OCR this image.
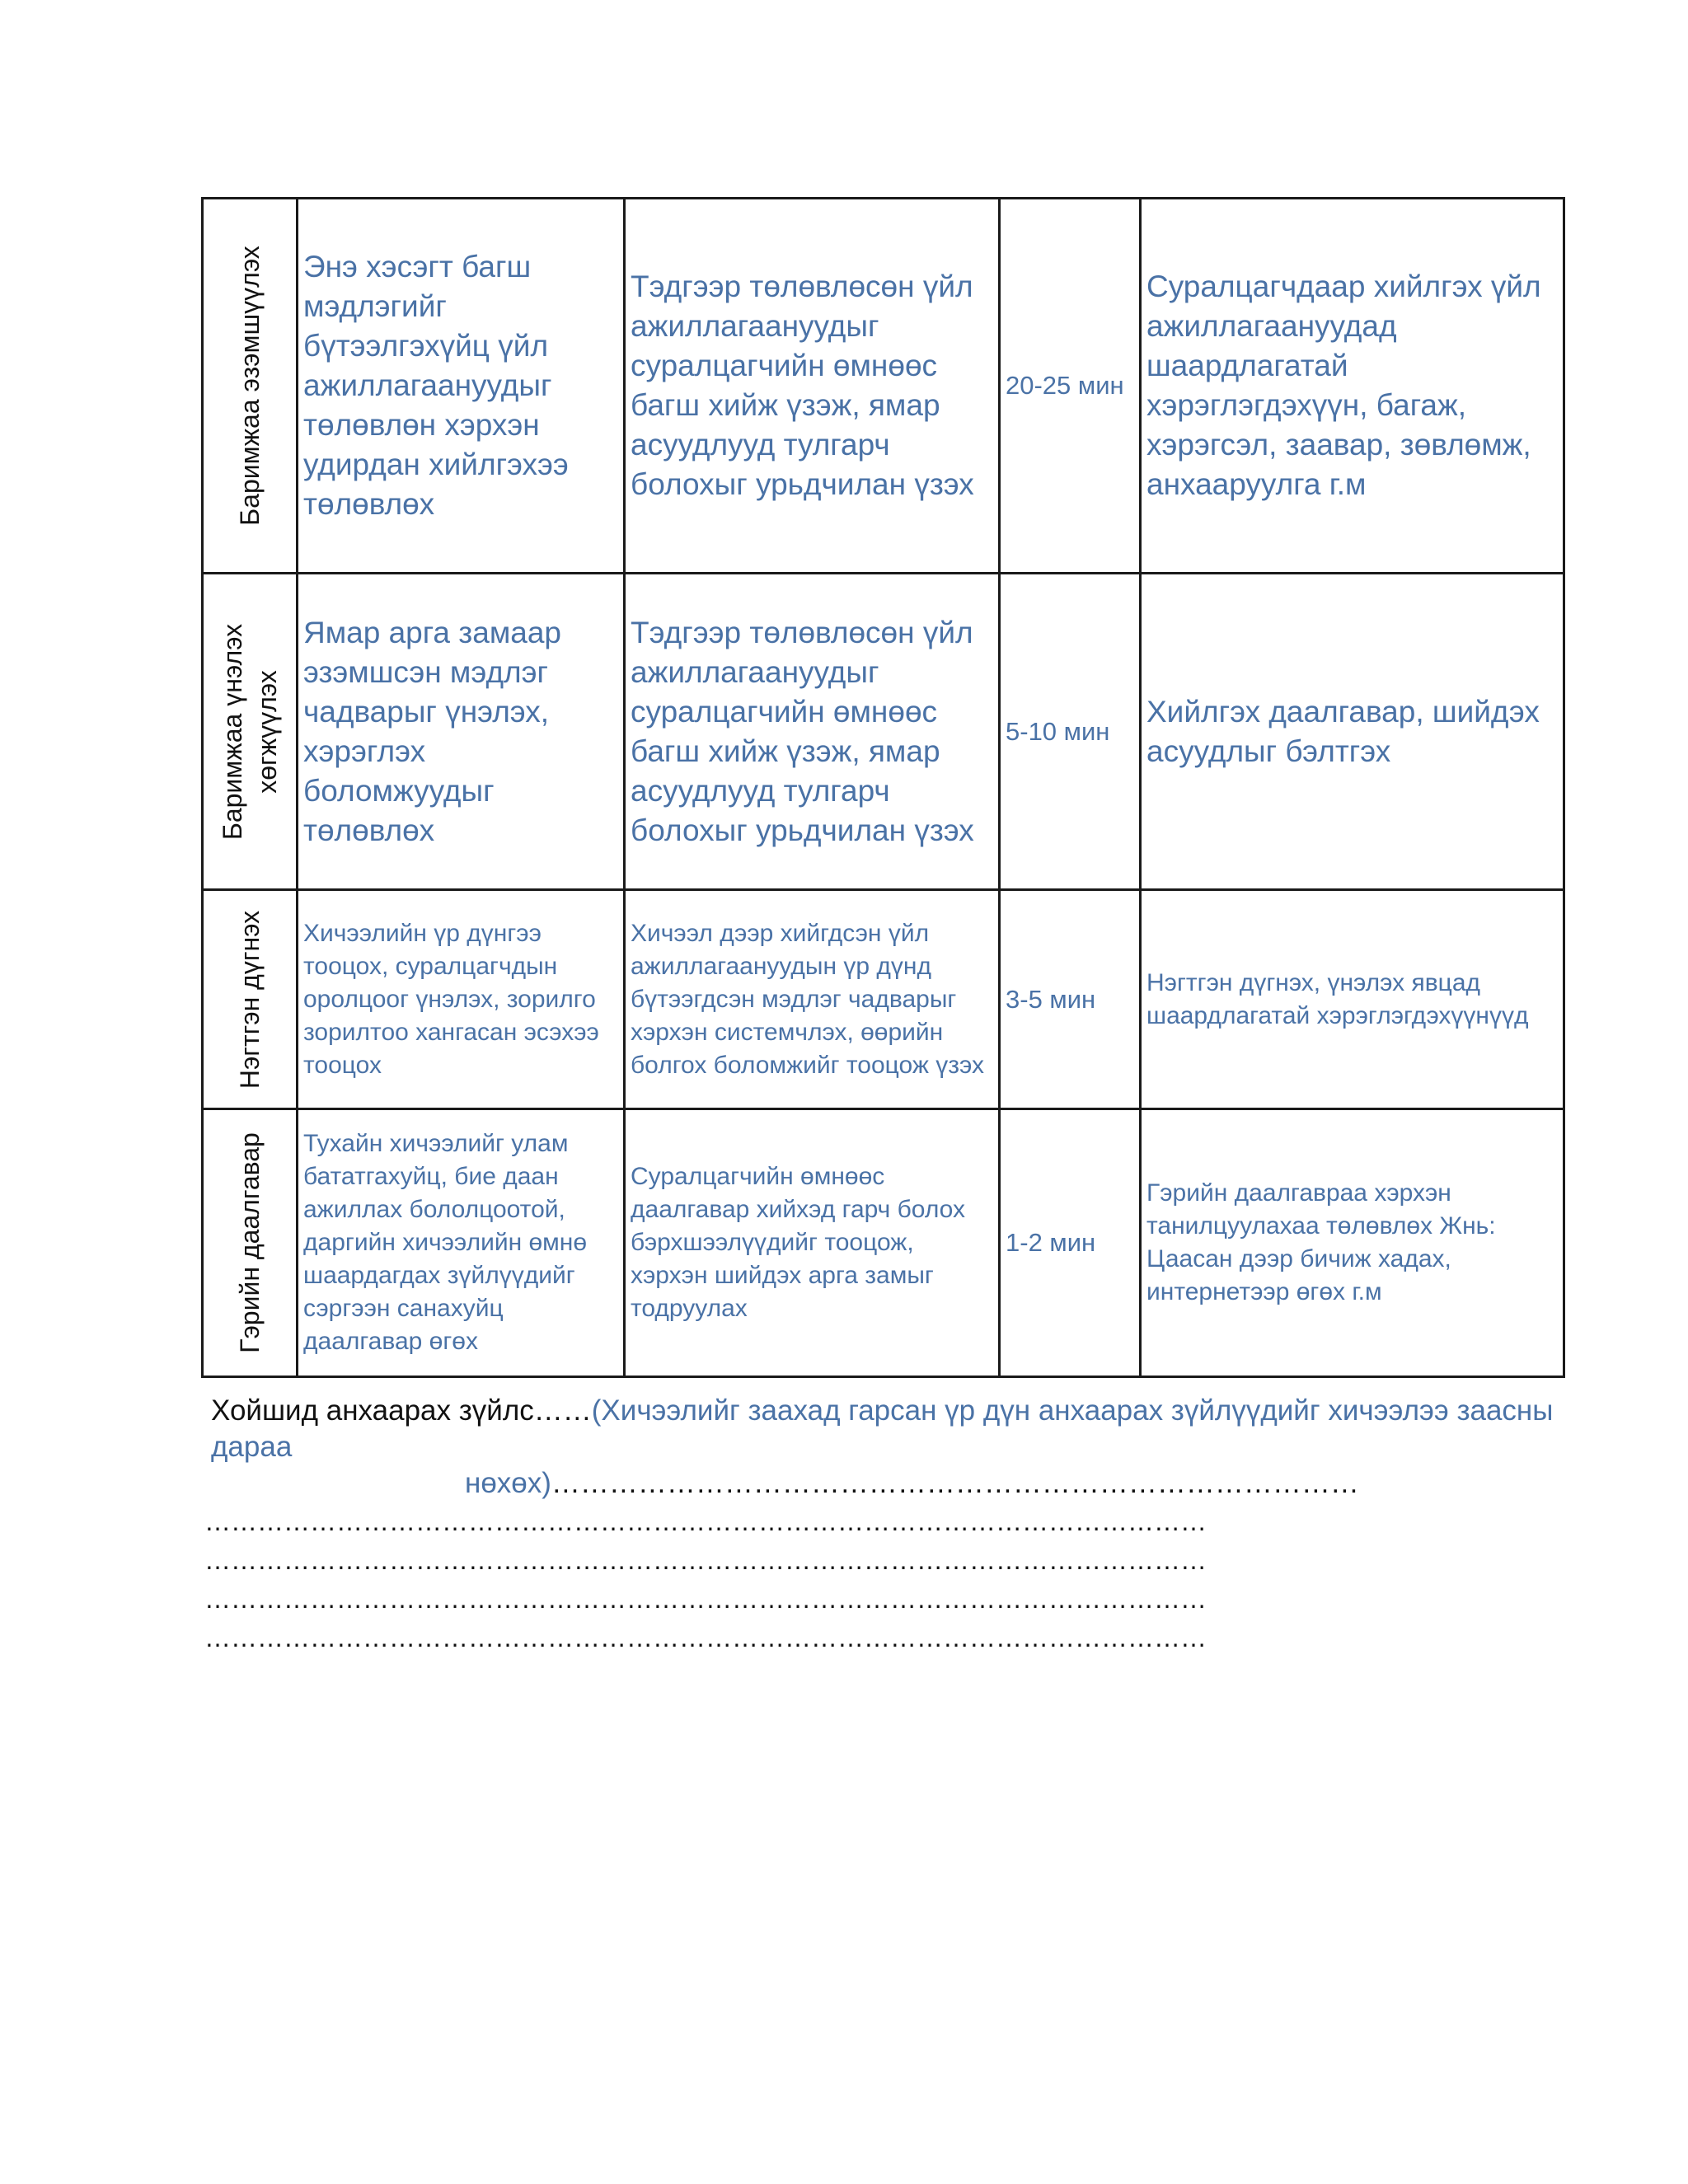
Баримжаа эзэмшүүлэх	Энэ хэсэгт багш мэдлэгийг бүтээлгэхүйц үйл ажиллагаануудыг төлөвлөн хэрхэн удирдан хийлгэхээ төлөвлөх	Тэдгээр төлөвлөсөн үйл ажиллагаануудыг суралцагчийн өмнөөс багш хийж үзэж, ямар асуудлууд тулгарч болохыг урьдчилан үзэх	20-25 мин	Суралцагчдаар хийлгэх үйл ажиллагаануудад шаардлагатай хэрэглэгдэхүүн, багаж, хэрэгсэл, заавар, зөвлөмж, анхааруулга г.м

Баримжаа үнэлэх хөгжүүлэх	Ямар арга замаар эзэмшсэн мэдлэг чадварыг үнэлэх, хэрэглэх боломжуудыг төлөвлөх	Тэдгээр төлөвлөсөн үйл ажиллагаануудыг суралцагчийн өмнөөс багш хийж үзэж, ямар асуудлууд тулгарч болохыг урьдчилан үзэх	5-10 мин	Хийлгэх даалгавар, шийдэх асуудлыг бэлтгэх

Нэгтгэн дүгнэх	Хичээлийн үр дүнгээ тооцох, суралцагчдын оролцоог үнэлэх, зорилго зорилтоо хангасан эсэхээ тооцох	Хичээл дээр хийгдсэн үйл ажиллагаануудын үр дүнд бүтээгдсэн мэдлэг чадварыг хэрхэн системчлэх, өөрийн болгох боломжийг тооцож үзэх	3-5 мин	Нэгтгэн дүгнэх, үнэлэх явцад шаардлагатай хэрэглэгдэхүүнүүд

Гэрийн даалгавар	Тухайн хичээлийг улам бататгахуйц, бие даан ажиллах бололцоотой, даргийн хичээлийн өмнө шаардагдах зүйлүүдийг сэргээн санахуйц даалгавар өгөх	Суралцагчийн өмнөөс даалгавар хийхэд гарч болох бэрхшээлүүдийг тооцож, хэрхэн шийдэх арга замыг тодруулах	1-2 мин	Гэрийн даалгавраа хэрхэн танилцуулахаа төлөвлөх Жнь: Цаасан дээр бичиж хадах, интернетээр өгөх г.м
Хойшид анхаарах зүйлс……(Хичээлийг заахад гарсан үр дүн анхаарах зүйлүүдийг хичээлээ заасны дараа
нөхөх)…………………………………………………………………………
……………………………………………………………………………………………………
……………………………………………………………………………………………………
……………………………………………………………………………………………………
……………………………………………………………………………………………………
